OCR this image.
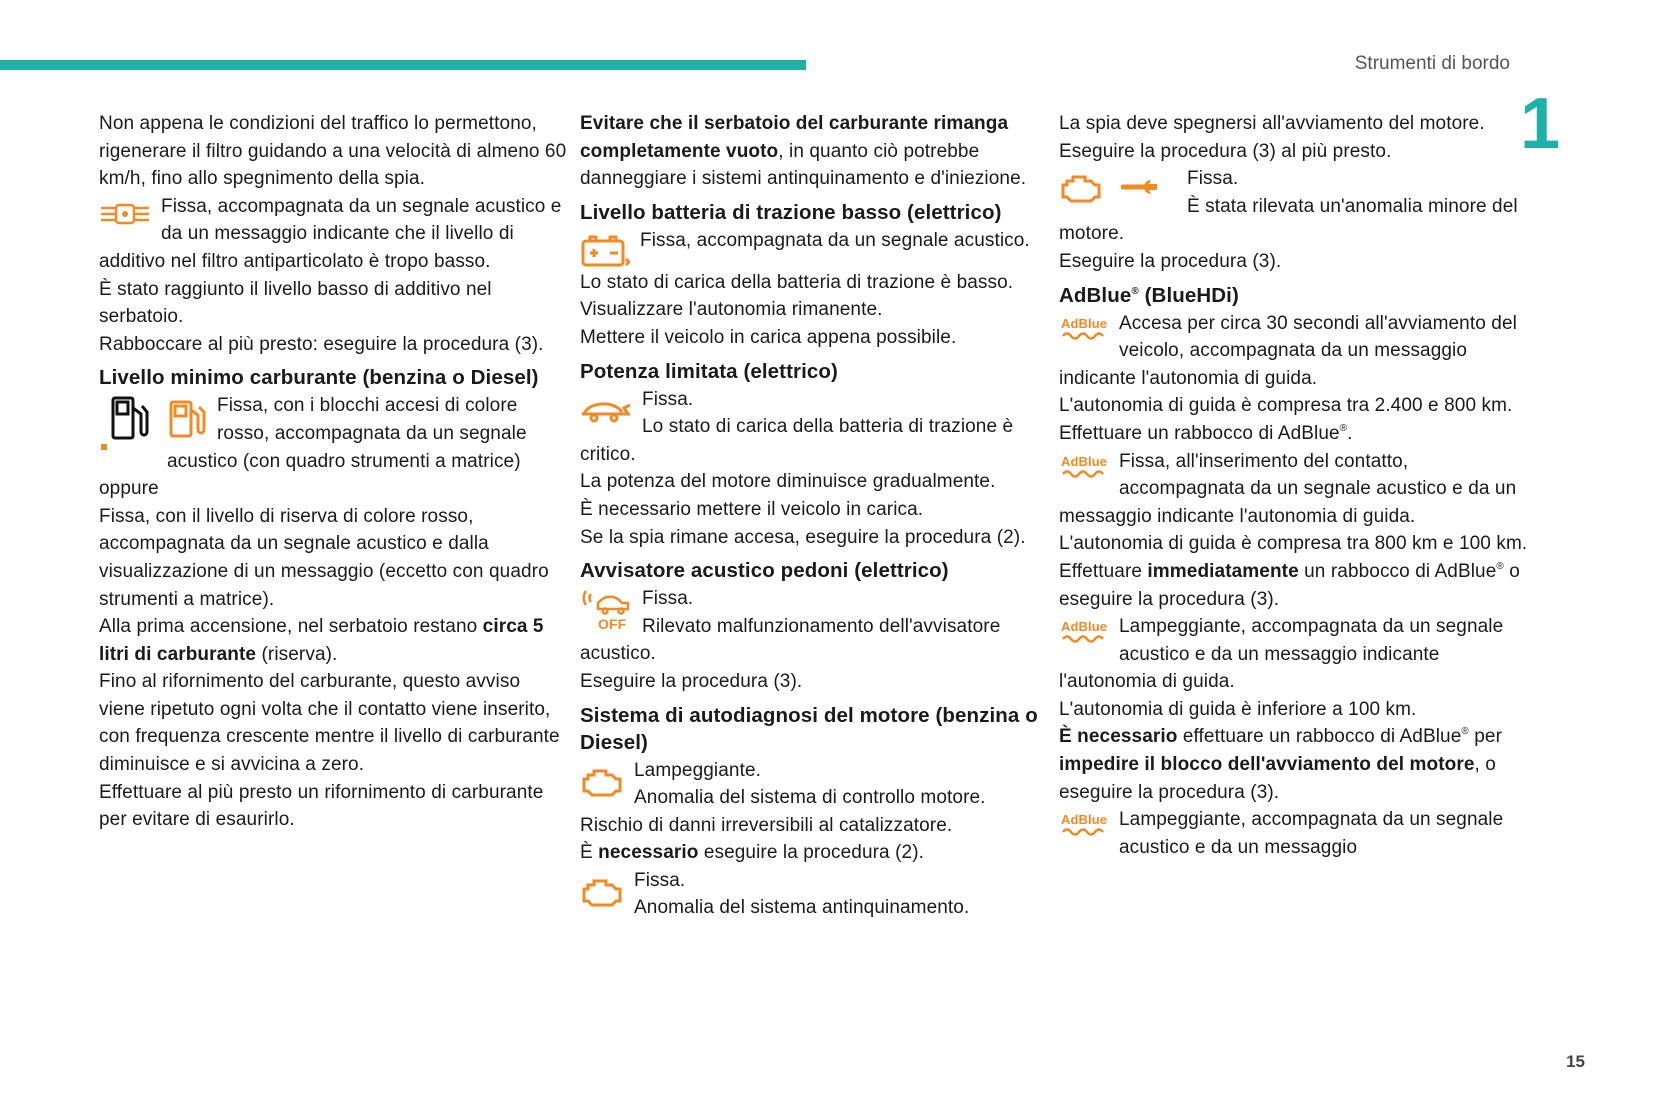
Strumenti di bordo
1
15

Non appena le condizioni del traffico lo permettono, rigenerare il filtro guidando a una velocità di almeno 60 km/h, fino allo spegnimento della spia.

Fissa, accompagnata da un segnale acustico e da un messaggio indicante che il livello di additivo nel filtro antiparticolato è tropo basso.

È stato raggiunto il livello basso di additivo nel serbatoio.

Rabboccare al più presto: eseguire la procedura (3).

Livello minimo carburante (benzina o Diesel)

Fissa, con i blocchi accesi di colore rosso, accompagnata da un segnale acustico (con quadro strumenti a matrice)

oppure

Fissa, con il livello di riserva di colore rosso, accompagnata da un segnale acustico e dalla visualizzazione di un messaggio (eccetto con quadro strumenti a matrice).

Alla prima accensione, nel serbatoio restano circa 5 litri di carburante (riserva).

Fino al rifornimento del carburante, questo avviso viene ripetuto ogni volta che il contatto viene inserito, con frequenza crescente mentre il livello di carburante diminuisce e si avvicina a zero.

Effettuare al più presto un rifornimento di carburante per evitare di esaurirlo.

Evitare che il serbatoio del carburante rimanga completamente vuoto, in quanto ciò potrebbe danneggiare i sistemi antinquinamento e d'iniezione.

Livello batteria di trazione basso (elettrico)

Fissa, accompagnata da un segnale acustico.

Lo stato di carica della batteria di trazione è basso.

Visualizzare l'autonomia rimanente.

Mettere il veicolo in carica appena possibile.

Potenza limitata (elettrico)

Fissa.
Lo stato di carica della batteria di trazione è critico.

La potenza del motore diminuisce gradualmente.

È necessario mettere il veicolo in carica.

Se la spia rimane accesa, eseguire la procedura (2).

Avvisatore acustico pedoni (elettrico)

OFF
Fissa.
Rilevato malfunzionamento dell'avvisatore acustico.

Eseguire la procedura (3).

Sistema di autodiagnosi del motore (benzina o Diesel)

Lampeggiante.
Anomalia del sistema di controllo motore.

Rischio di danni irreversibili al catalizzatore.

È necessario eseguire la procedura (2).

Fissa.
Anomalia del sistema antinquinamento.

La spia deve spegnersi all'avviamento del motore.

Eseguire la procedura (3) al più presto.

Fissa.
È stata rilevata un'anomalia minore del motore.

Eseguire la procedura (3).

AdBlue® (BlueHDi)

AdBlue Accesa per circa 30 secondi all'avviamento del veicolo, accompagnata da un messaggio indicante l'autonomia di guida.

L'autonomia di guida è compresa tra 2.400 e 800 km.

Effettuare un rabbocco di AdBlue®.

AdBlue Fissa, all'inserimento del contatto, accompagnata da un segnale acustico e da un messaggio indicante l'autonomia di guida.

L'autonomia di guida è compresa tra 800 km e 100 km.

Effettuare immediatamente un rabbocco di AdBlue® o eseguire la procedura (3).

AdBlue Lampeggiante, accompagnata da un segnale acustico e da un messaggio indicante l'autonomia di guida.

L'autonomia di guida è inferiore a 100 km.

È necessario effettuare un rabbocco di AdBlue® per impedire il blocco dell'avviamento del motore, o eseguire la procedura (3).

AdBlue Lampeggiante, accompagnata da un segnale acustico e da un messaggio
